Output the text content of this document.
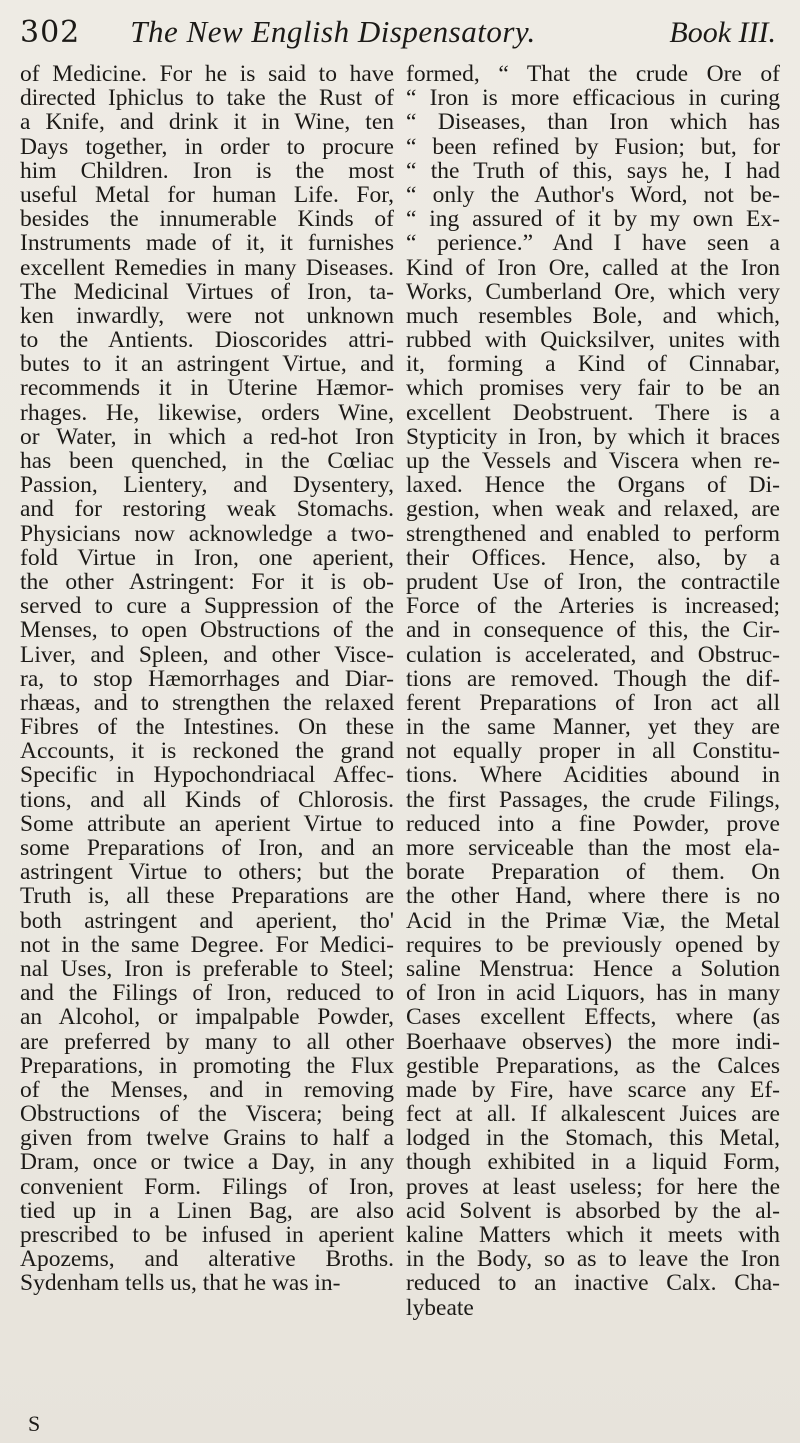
302 The New English Dispensatory.	Book III.
of Medicine. For he is said to have
directed Iphiclus to take the Rust of
a Knife, and drink it in Wine, ten
Days together, in order to procure
him Children. Iron is the most
useful Metal for human Life. For,
besides the innumerable Kinds of
Instruments made of it, it furnishes
excellent Remedies in many Diseases.
The Medicinal Virtues of Iron, ta-
ken inwardly, were not unknown
to the Antients. Dioscorides attri-
butes to it an astringent Virtue, and
recommends it in Uterine Hæmor-
rhages. He, likewise, orders Wine,
or Water, in which a red-hot Iron
has been quenched, in the Cœliac
Passion, Lientery, and Dysentery,
and for restoring weak Stomachs.
Physicians now acknowledge a two-
fold Virtue in Iron, one aperient,
the other Astringent: For it is ob-
served to cure a Suppression of the
Menses, to open Obstructions of the
Liver, and Spleen, and other Visce-
ra, to stop Hæmorrhages and Diar-
rhæas, and to strengthen the relaxed
Fibres of the Intestines. On these
Accounts, it is reckoned the grand
Specific in Hypochondriacal Affec-
tions, and all Kinds of Chlorosis.
Some attribute an aperient Virtue to
some Preparations of Iron, and an
astringent Virtue to others; but the
Truth is, all these Preparations are
both astringent and aperient, tho'
not in the same Degree. For Medici-
nal Uses, Iron is preferable to Steel;
and the Filings of Iron, reduced to
an Alcohol, or impalpable Powder,
are preferred by many to all other
Preparations, in promoting the Flux
of the Menses, and in removing
Obstructions of the Viscera; being
given from twelve Grains to half a
Dram, once or twice a Day, in any
convenient Form. Filings of Iron,
tied up in a Linen Bag, are also
prescribed to be infused in aperient
Apozems, and alterative Broths.
Sydenham tells us, that he was in-
formed, “ That the crude Ore of
“ Iron is more efficacious in curing
“ Diseases, than Iron which has
“ been refined by Fusion; but, for
“ the Truth of this, says he, I had
“ only the Author's Word, not be-
“ ing assured of it by my own Ex-
“ perience.” And I have seen a
Kind of Iron Ore, called at the Iron
Works, Cumberland Ore, which very
much resembles Bole, and which,
rubbed with Quicksilver, unites with
it, forming a Kind of Cinnabar,
which promises very fair to be an
excellent Deobstruent. There is a
Stypticity in Iron, by which it braces
up the Vessels and Viscera when re-
laxed. Hence the Organs of Di-
gestion, when weak and relaxed, are
strengthened and enabled to perform
their Offices. Hence, also, by a
prudent Use of Iron, the contractile
Force of the Arteries is increased;
and in consequence of this, the Cir-
culation is accelerated, and Obstruc-
tions are removed. Though the dif-
ferent Preparations of Iron act all
in the same Manner, yet they are
not equally proper in all Constitu-
tions. Where Acidities abound in
the first Passages, the crude Filings,
reduced into a fine Powder, prove
more serviceable than the most ela-
borate Preparation of them. On
the other Hand, where there is no
Acid in the Primæ Viæ, the Metal
requires to be previously opened by
saline Menstrua: Hence a Solution
of Iron in acid Liquors, has in many
Cases excellent Effects, where (as
Boerhaave observes) the more indi-
gestible Preparations, as the Calces
made by Fire, have scarce any Ef-
fect at all. If alkalescent Juices are
lodged in the Stomach, this Metal,
though exhibited in a liquid Form,
proves at least useless; for here the
acid Solvent is absorbed by the al-
kaline Matters which it meets with
in the Body, so as to leave the Iron
reduced to an inactive Calx. Cha-
lybeate
S
